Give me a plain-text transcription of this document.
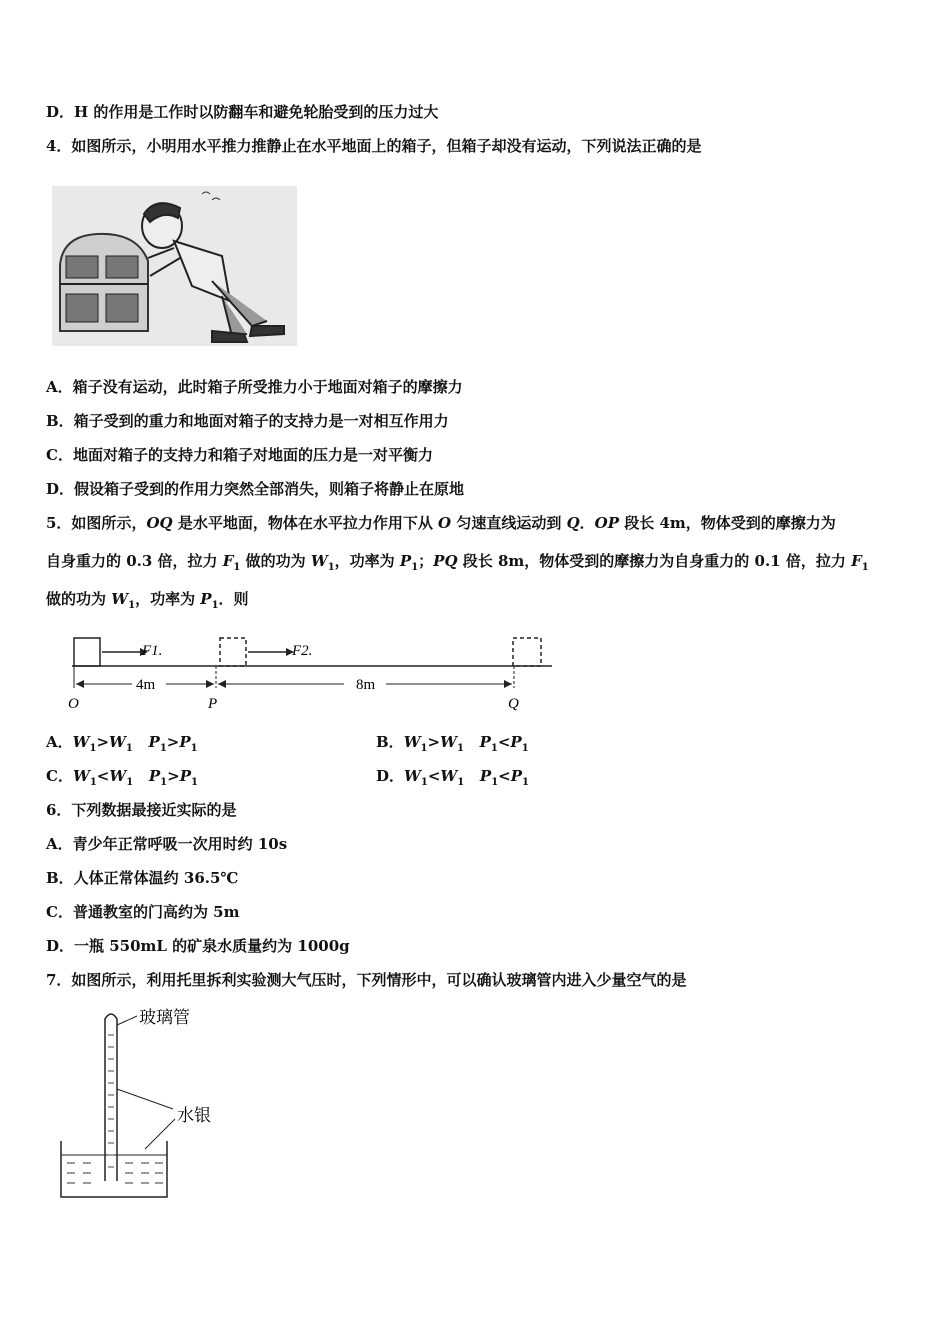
D．H 的作用是工作时以防翻车和避免轮胎受到的压力过大
4．如图所示，小明用水平推力推静止在水平地面上的箱子，但箱子却没有运动，下列说法正确的是
A．箱子没有运动，此时箱子所受推力小于地面对箱子的摩擦力
B．箱子受到的重力和地面对箱子的支持力是一对相互作用力
C．地面对箱子的支持力和箱子对地面的压力是一对平衡力
D．假设箱子受到的作用力突然全部消失，则箱子将静止在原地
5．如图所示，OQ 是水平地面，物体在水平拉力作用下从 O 匀速直线运动到 Q．OP 段长 4m，物体受到的摩擦力为
自身重力的 0.3 倍，拉力 $F_1$ 做的功为 $W_1$，功率为 $P_1$；PQ 段长 8m，物体受到的摩擦力为自身重力的 0.1 倍，拉力 $F_1$
做的功为 $W_1$，功率为 $P_1$．则
F1.	F2.
4m	8m
O	P	Q
A．$W_1>W_1$ $P_1>P_1$	B．$W_1>W_1$ $P_1<P_1$
C．$W_1<W_1$ $P_1>P_1$	D．$W_1<W_1$ $P_1<P_1$
6．下列数据最接近实际的是
A．青少年正常呼吸一次用时约 10s
B．人体正常体温约 36.5℃
C．普通教室的门高约为 5m
D．一瓶 550mL 的矿泉水质量约为 1000g
7．如图所示，利用托里拆利实验测大气压时，下列情形中，可以确认玻璃管内进入少量空气的是
玻璃管
水银
